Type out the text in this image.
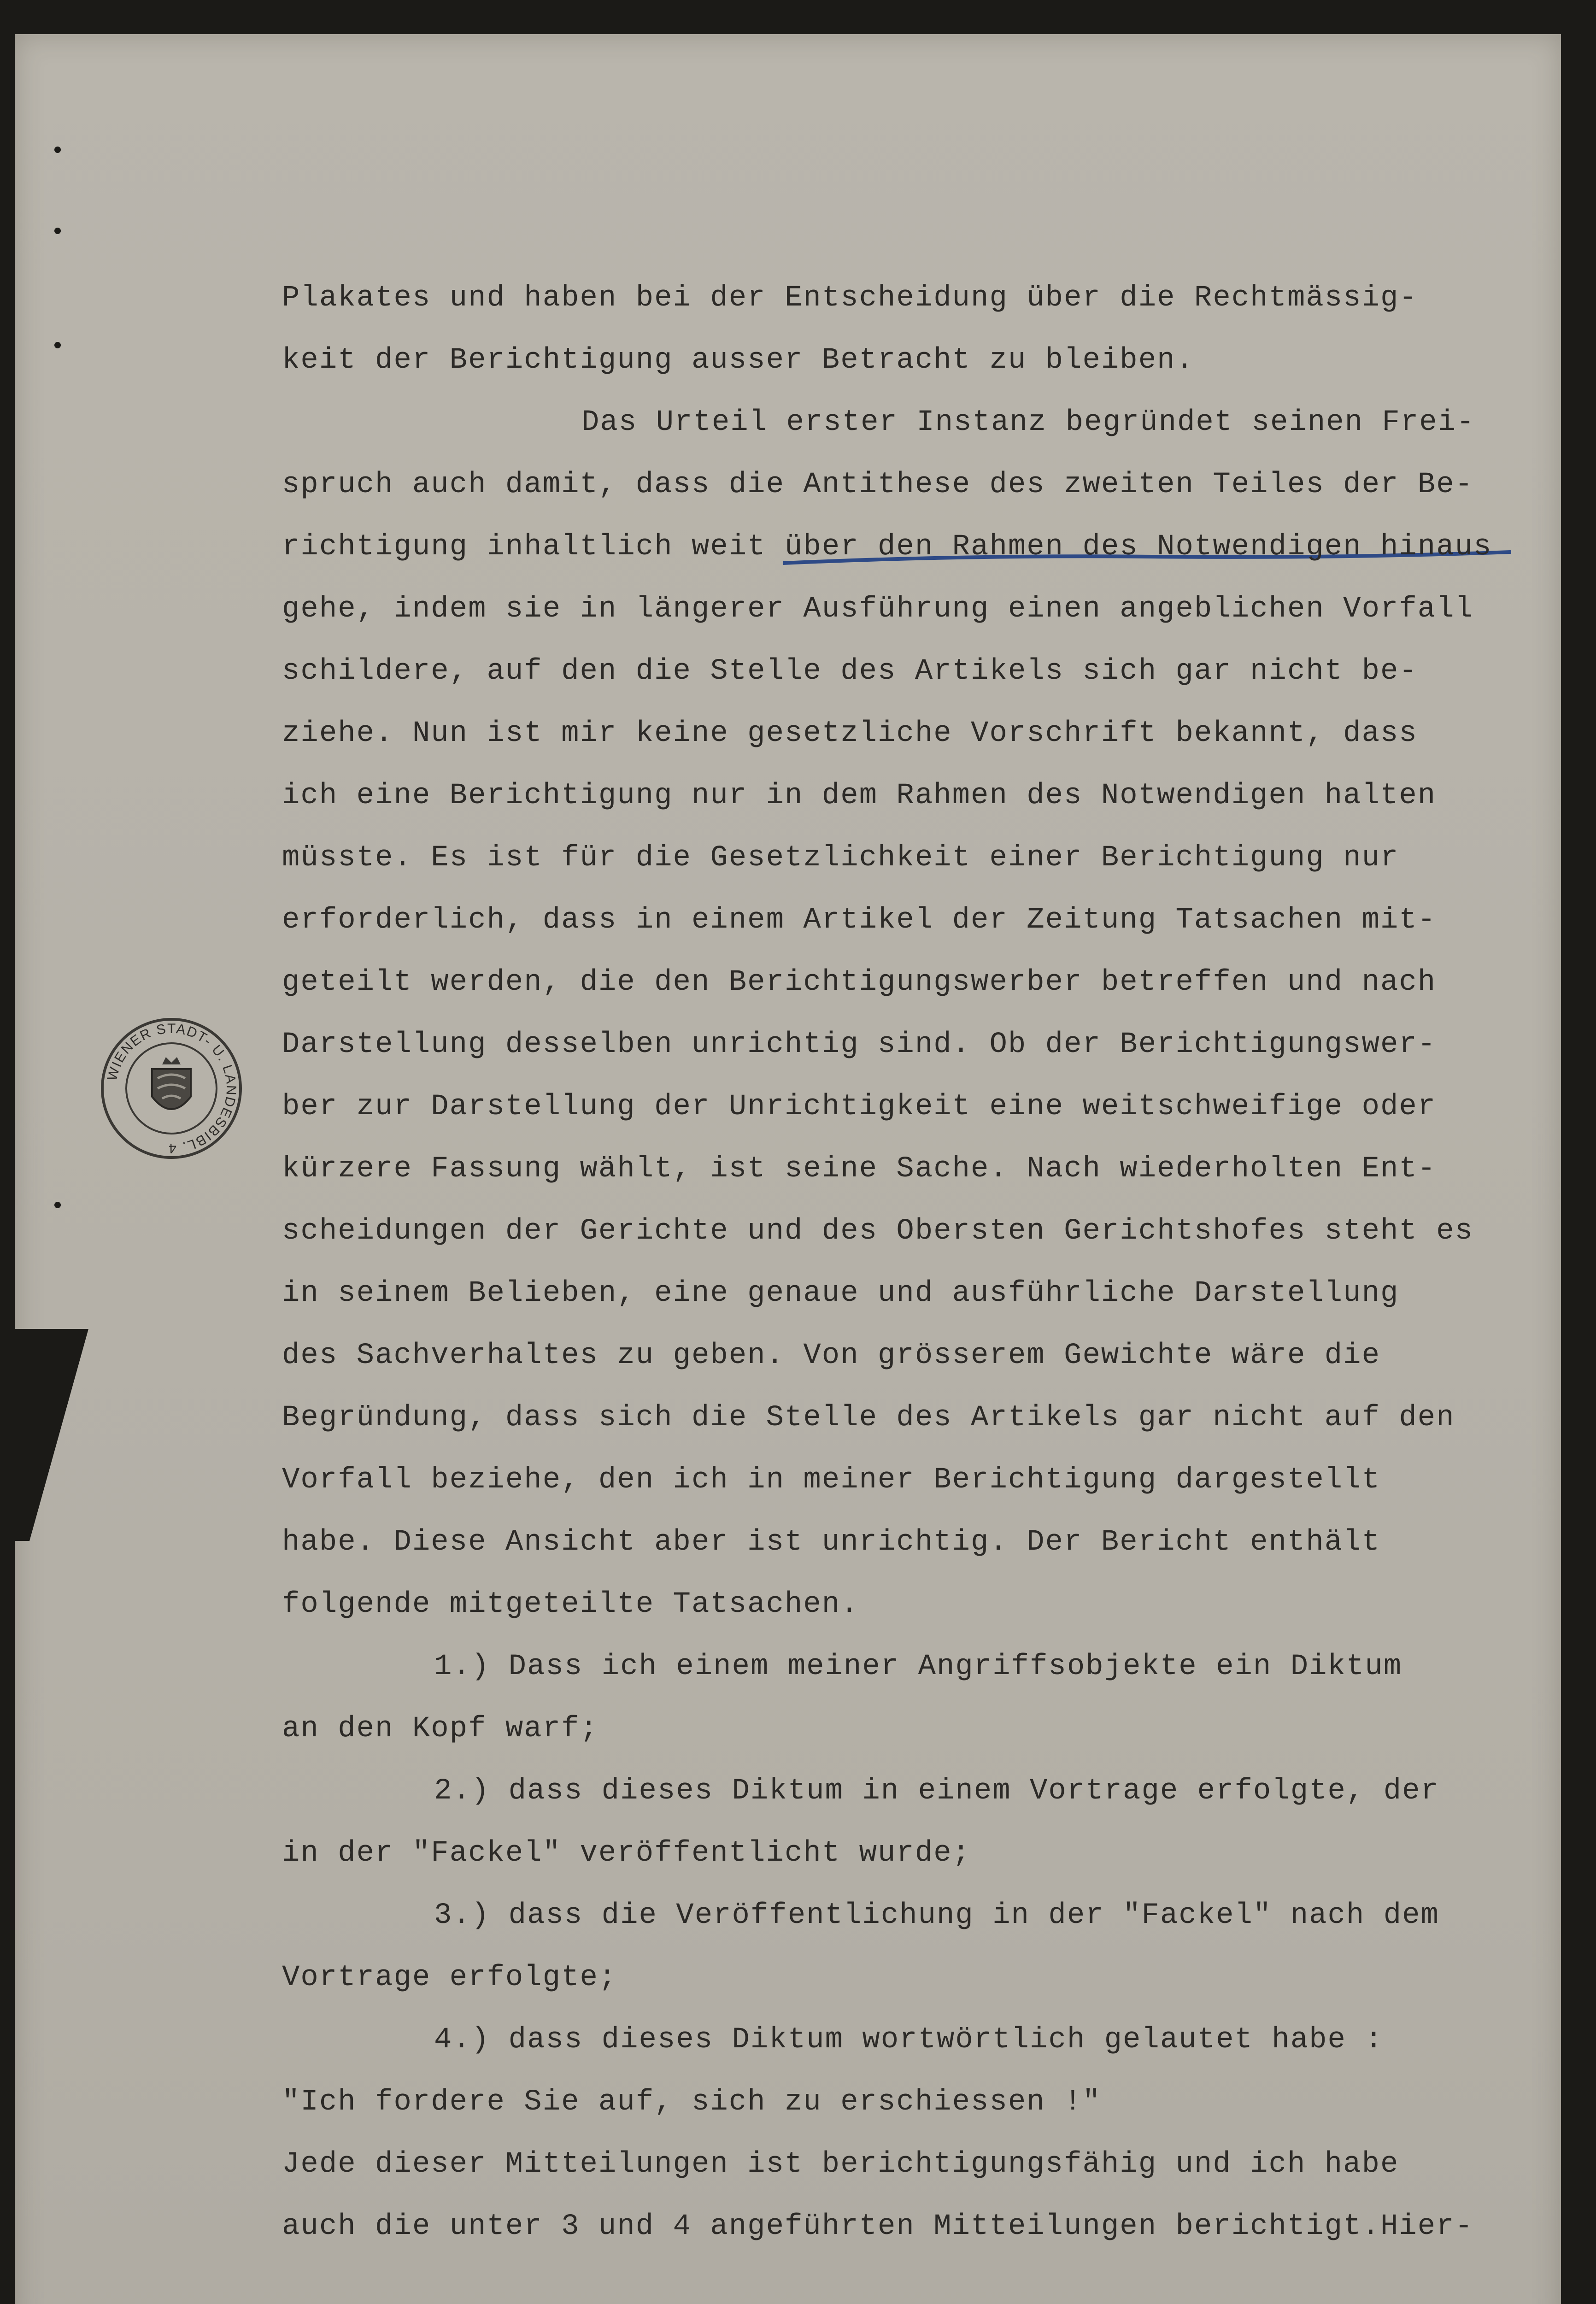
WIENER STADT- U. LANDESBIBL. 4
Plakates und haben bei der Entscheidung über die Rechtmässig-
keit der Berichtigung ausser Betracht zu bleiben.
Das Urteil erster Instanz begründet seinen Frei-
spruch auch damit, dass die Antithese des zweiten Teiles der Be-
richtigung inhaltlich weit über den Rahmen des Notwendigen hinaus
gehe, indem sie in längerer Ausführung einen angeblichen Vorfall
schildere, auf den die Stelle des Artikels sich gar nicht be-
ziehe. Nun ist mir keine gesetzliche Vorschrift bekannt, dass
ich eine Berichtigung nur in dem Rahmen des Notwendigen halten
müsste. Es ist für die Gesetzlichkeit einer Berichtigung nur
erforderlich, dass in einem Artikel der Zeitung Tatsachen mit-
geteilt werden, die den Berichtigungswerber betreffen und nach
Darstellung desselben unrichtig sind. Ob der Berichtigungswer-
ber zur Darstellung der Unrichtigkeit eine weitschweifige oder
kürzere Fassung wählt, ist seine Sache. Nach wiederholten Ent-
scheidungen der Gerichte und des Obersten Gerichtshofes steht es
in seinem Belieben, eine genaue und ausführliche Darstellung
des Sachverhaltes zu geben. Von grösserem Gewichte wäre die
Begründung, dass sich die Stelle des Artikels gar nicht auf den
Vorfall beziehe, den ich in meiner Berichtigung dargestellt
habe. Diese Ansicht aber ist unrichtig. Der Bericht enthält
folgende mitgeteilte Tatsachen.
1.) Dass ich einem meiner Angriffsobjekte ein Diktum
an den Kopf warf;
2.) dass dieses Diktum in einem Vortrage erfolgte, der
in der "Fackel" veröffentlicht wurde;
3.) dass die Veröffentlichung in der "Fackel" nach dem
Vortrage erfolgte;
4.) dass dieses Diktum wortwörtlich gelautet habe :
"Ich fordere Sie auf, sich zu erschiessen !"
Jede dieser Mitteilungen ist berichtigungsfähig und ich habe
auch die unter 3 und 4 angeführten Mitteilungen berichtigt.Hier-
